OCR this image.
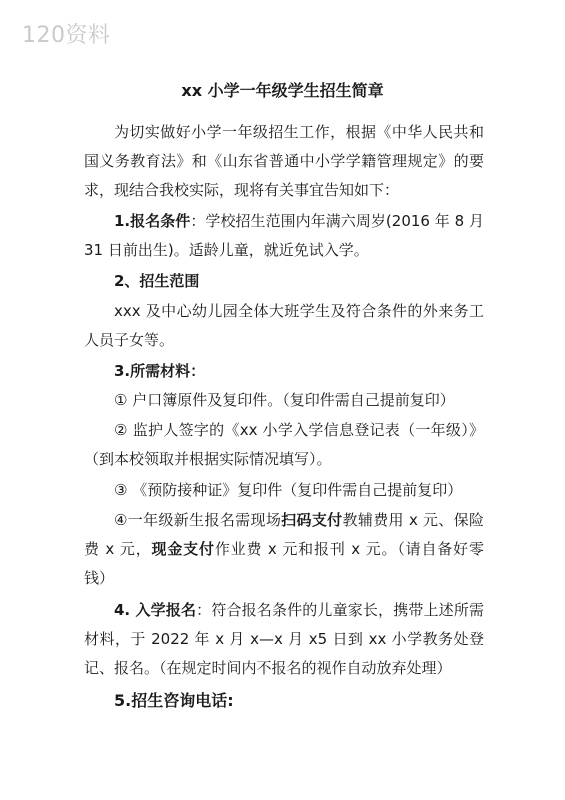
120资料
xx 小学一年级学生招生简章

为切实做好小学一年级招生工作，根据《中华人民共和国义务教育法》和《山东省普通中小学学籍管理规定》的要求，现结合我校实际，现将有关事宜告知如下：

1.报名条件：学校招生范围内年满六周岁(2016 年 8 月 31 日前出生)。适龄儿童，就近免试入学。

2、招生范围

xxx 及中心幼儿园全体大班学生及符合条件的外来务工人员子女等。

3.所需材料：

① 户口簿原件及复印件。（复印件需自己提前复印）

② 监护人签字的《xx 小学入学信息登记表（一年级）》（到本校领取并根据实际情况填写）。

③ 《预防接种证》复印件（复印件需自己提前复印）

④一年级新生报名需现场扫码支付教辅费用 x 元、保险费 x 元，现金支付作业费 x 元和报刊 x 元。（请自备好零钱）

4. 入学报名：符合报名条件的儿童家长，携带上述所需材料，于 2022 年 x 月 x—x 月 x5 日到 xx 小学教务处登记、报名。（在规定时间内不报名的视作自动放弃处理）

5.招生咨询电话:
